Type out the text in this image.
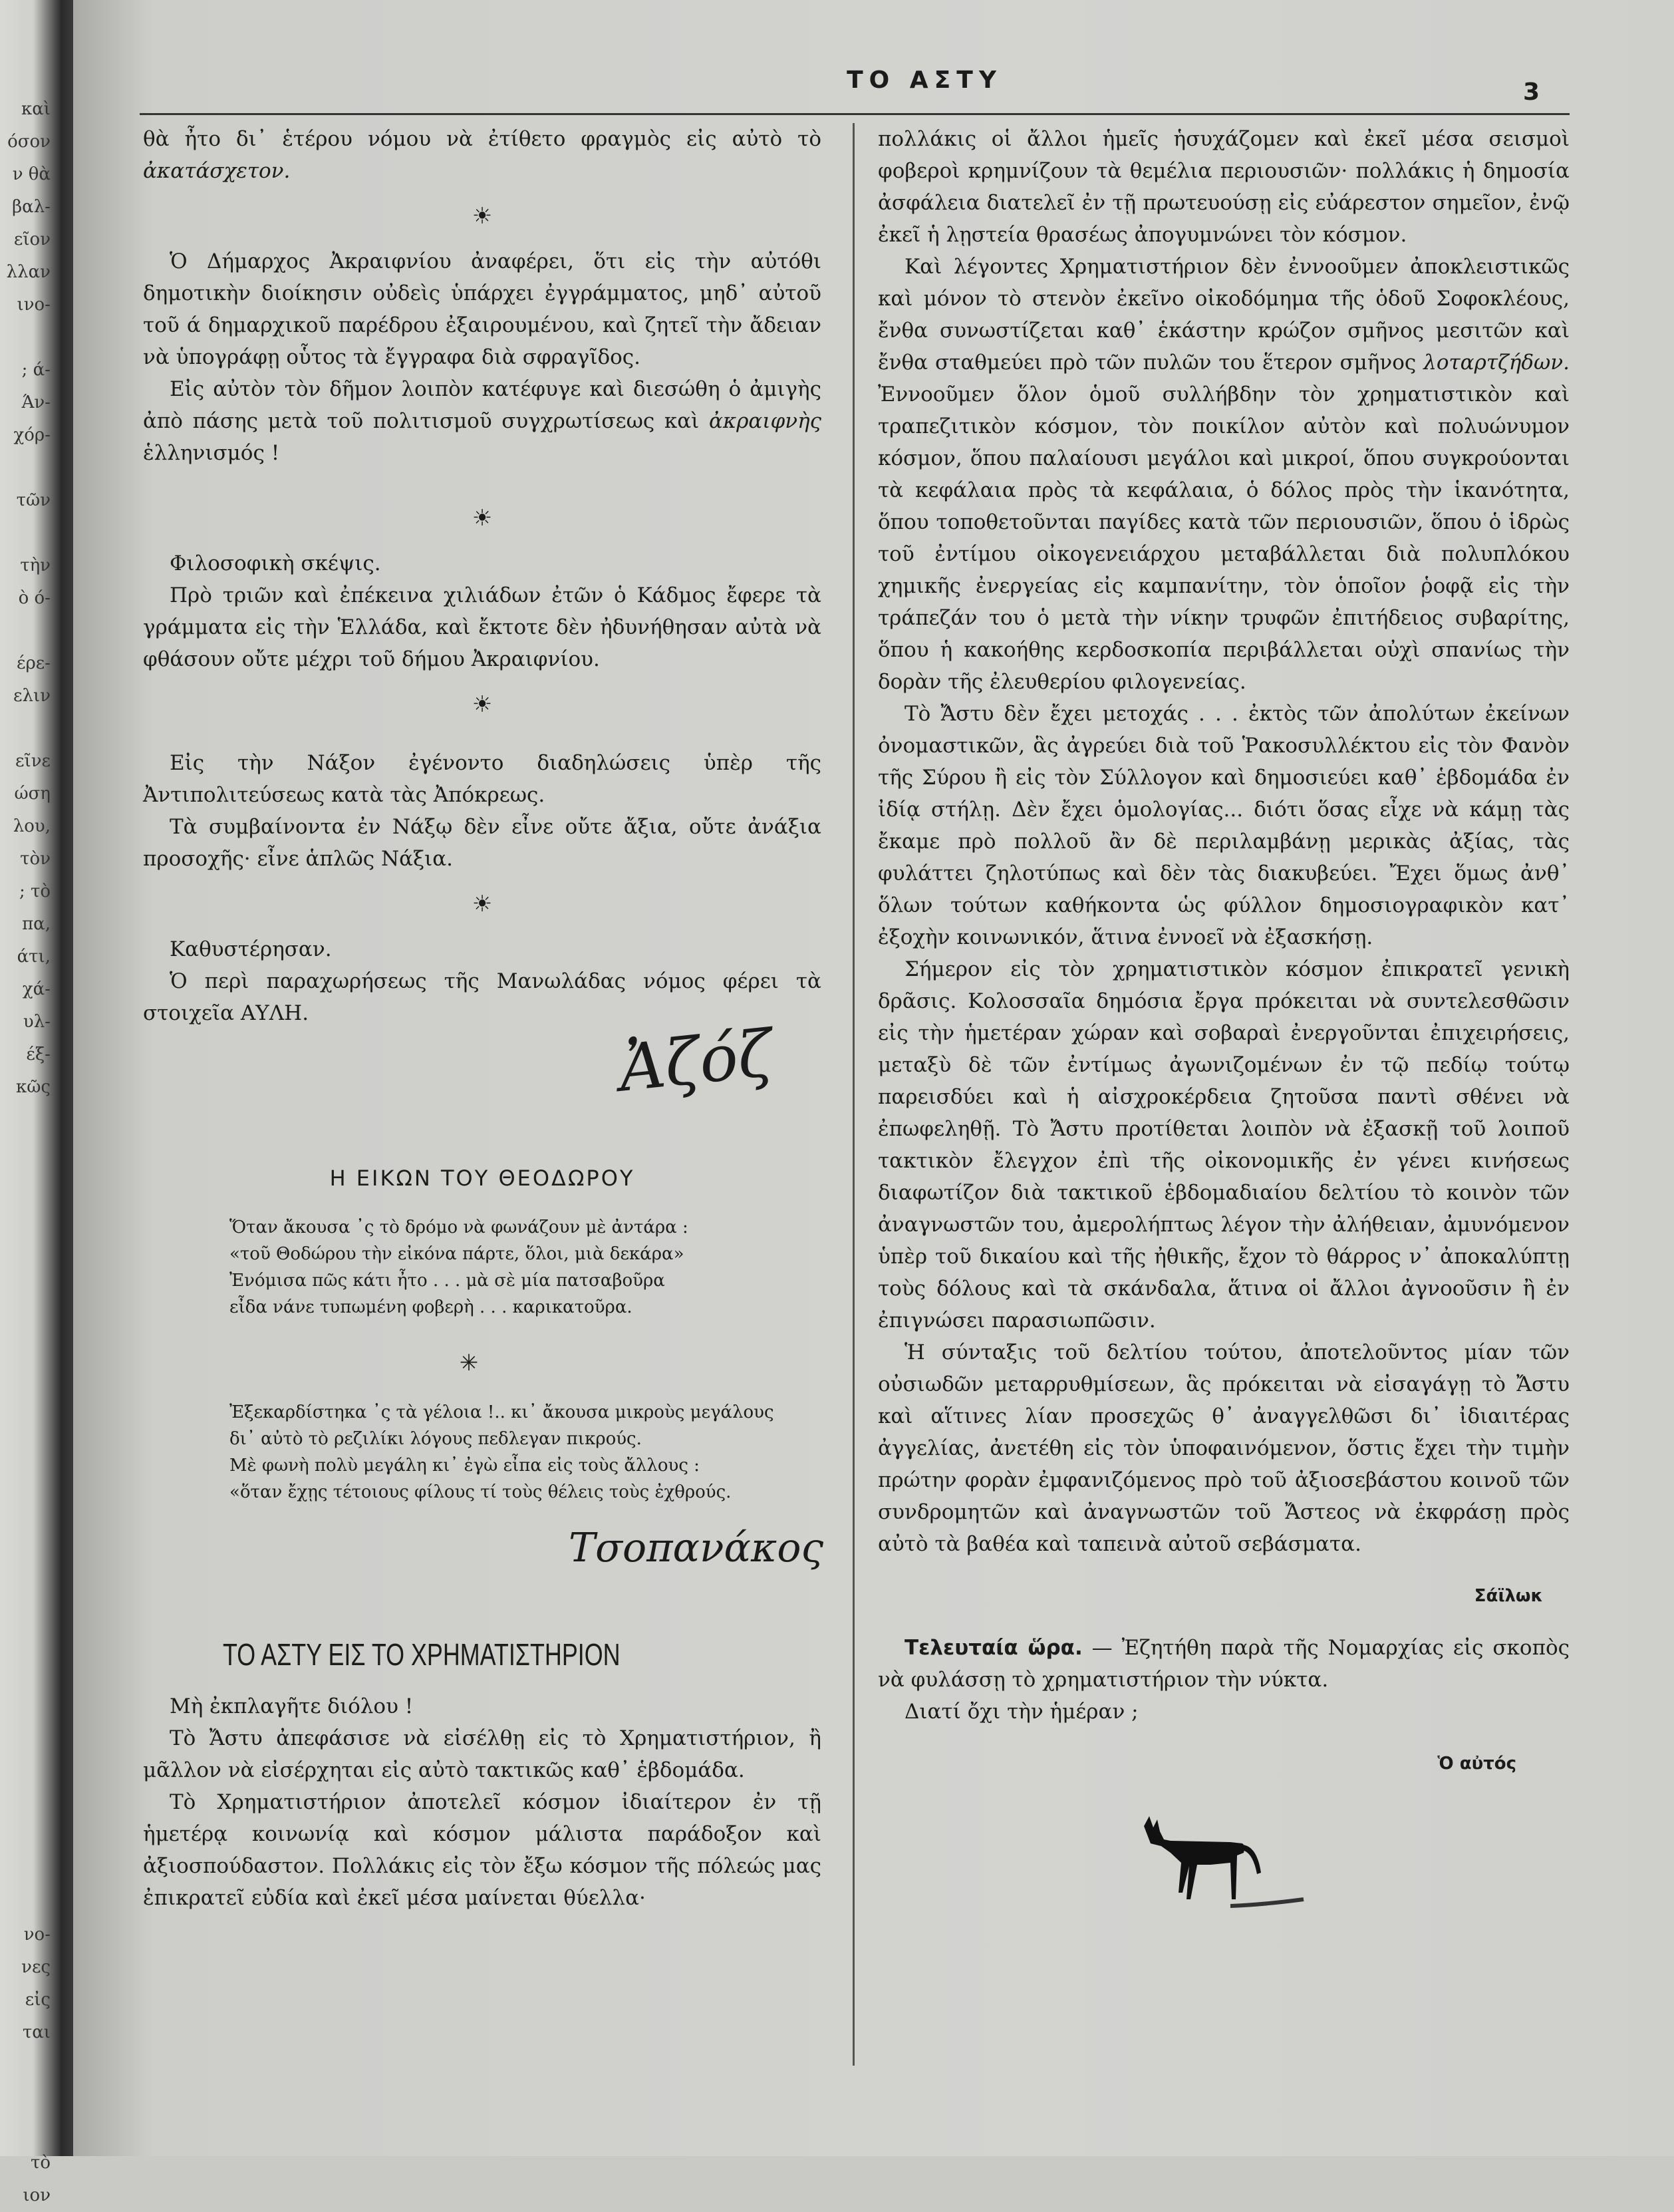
καὶ
όσον
ν θὰ
βαλ-
εῖον
λλαν
ινο-
; ά-
Άν-
χόρ-
τῶν
τὴν
ὸ ό-
έρε-
ελιν
εῖνε
ώση
λου,
τὸν
; τὸ
πα,
άτι,
χά-
υλ-
έξ-
κῶς
νο-
νες
εἰς
ται
τὸ
ιον
ΤΟ ΑΣΤΥ	3

θὰ ἦτο δι᾽ ἑτέρου νόμου νὰ ἐτίθετο φραγμὸς εἰς αὐτὸ τὸ ἀκατάσχετον.

☀

Ὁ Δήμαρχος Ἀκραιφνίου ἀναφέρει, ὅτι εἰς τὴν αὐτόθι δημοτικὴν διοίκησιν οὐδεὶς ὑπάρχει ἐγγράμματος, μηδ᾽ αὐτοῦ τοῦ ά δημαρχικοῦ παρέδρου ἐξαιρουμένου, καὶ ζητεῖ τὴν ἄδειαν νὰ ὑπογράφῃ οὗτος τὰ ἔγγραφα διὰ σφραγῖδος.

Εἰς αὐτὸν τὸν δῆμον λοιπὸν κατέφυγε καὶ διεσώθη ὁ ἀμιγὴς ἀπὸ πάσης μετὰ τοῦ πολιτισμοῦ συγχρωτίσεως καὶ ἀκραιφνὴς ἑλληνισμός !

☀

Φιλοσοφικὴ σκέψις.

Πρὸ τριῶν καὶ ἐπέκεινα χιλιάδων ἐτῶν ὁ Κάδμος ἔφερε τὰ γράμματα εἰς τὴν Ἑλλάδα, καὶ ἔκτοτε δὲν ἠδυνήθησαν αὐτὰ νὰ φθάσουν οὔτε μέχρι τοῦ δήμου Ἀκραιφνίου.

☀

Εἰς τὴν Νάξον ἐγένοντο διαδηλώσεις ὑπὲρ τῆς Ἀντιπολιτεύσεως κατὰ τὰς Ἀπόκρεως.

Τὰ συμβαίνοντα ἐν Νάξῳ δὲν εἶνε οὔτε ἄξια, οὔτε ἀνάξια προσοχῆς· εἶνε ἁπλῶς Νάξια.

☀

Καθυστέρησαν.

Ὁ περὶ παραχωρήσεως τῆς Μανωλάδας νόμος φέρει τὰ στοιχεῖα ΑΥΛΗ.

Ἀζόζ
Η ΕΙΚΩΝ ΤΟΥ ΘΕΟΔΩΡΟΥ
Ὅταν ἄκουσα ᾽ς τὸ δρόμο νὰ φωνάζουν μὲ ἀντάρα :
«τοῦ Θοδώρου τὴν εἰκόνα πάρτε, ὅλοι, μιὰ δεκάρα»
Ἐνόμισα πῶς κάτι ἦτο . . . μὰ σὲ μία πατσαβοῦρα
εἶδα νάνε τυπωμένη φοβερὴ . . . καρικατοῦρα.
✳
Ἐξεκαρδίστηκα ᾽ς τὰ γέλοια !.. κι᾽ ἄκουσα μικροὺς μεγάλους
δι᾽ αὐτὸ τὸ ρεζιλίκι λόγους πεδλεγαν πικρούς.
Μὲ φωνὴ πολὺ μεγάλη κι᾽ ἐγὼ εἶπα εἰς τοὺς ἄλλους :
«ὅταν ἔχῃς τέτοιους φίλους τί τοὺς θέλεις τοὺς ἐχθρούς.
Τσοπανάκος
ΤΟ ΑΣΤΥ ΕΙΣ ΤΟ ΧΡΗΜΑΤΙΣΤΗΡΙΟΝ

Μὴ ἐκπλαγῆτε διόλου !

Τὸ Ἄστυ ἀπεφάσισε νὰ εἰσέλθῃ εἰς τὸ Χρηματιστήριον, ἢ μᾶλλον νὰ εἰσέρχηται εἰς αὐτὸ τακτικῶς καθ᾽ ἑβδομάδα.

Τὸ Χρηματιστήριον ἀποτελεῖ κόσμον ἰδιαίτερον ἐν τῇ ἡμετέρᾳ κοινωνίᾳ καὶ κόσμον μάλιστα παράδοξον καὶ ἀξιοσπούδαστον. Πολλάκις εἰς τὸν ἔξω κόσμον τῆς πόλεώς μας ἐπικρατεῖ εὐδία καὶ ἐκεῖ μέσα μαίνεται θύελλα·

πολλάκις οἱ ἄλλοι ἡμεῖς ἡσυχάζομεν καὶ ἐκεῖ μέσα σεισμοὶ φοβεροὶ κρημνίζουν τὰ θεμέλια περιουσιῶν· πολλάκις ἡ δημοσία ἀσφάλεια διατελεῖ ἐν τῇ πρωτευούσῃ εἰς εὐάρεστον σημεῖον, ἐνῷ ἐκεῖ ἡ λῃστεία θρασέως ἀπογυμνώνει τὸν κόσμον.

Καὶ λέγοντες Χρηματιστήριον δὲν ἐννοοῦμεν ἀποκλειστικῶς καὶ μόνον τὸ στενὸν ἐκεῖνο οἰκοδόμημα τῆς ὁδοῦ Σοφοκλέους, ἔνθα συνωστίζεται καθ᾽ ἑκάστην κρώζον σμῆνος μεσιτῶν καὶ ἔνθα σταθμεύει πρὸ τῶν πυλῶν του ἕτερον σμῆνος λοταρτζήδων. Ἐννοοῦμεν ὅλον ὁμοῦ συλλήβδην τὸν χρηματιστικὸν καὶ τραπεζιτικὸν κόσμον, τὸν ποικίλον αὐτὸν καὶ πολυώνυμον κόσμον, ὅπου παλαίουσι μεγάλοι καὶ μικροί, ὅπου συγκρούονται τὰ κεφάλαια πρὸς τὰ κεφάλαια, ὁ δόλος πρὸς τὴν ἱκανότητα, ὅπου τοποθετοῦνται παγίδες κατὰ τῶν περιουσιῶν, ὅπου ὁ ἱδρὼς τοῦ ἐντίμου οἰκογενειάρχου μεταβάλλεται διὰ πολυπλόκου χημικῆς ἐνεργείας εἰς καμπανίτην, τὸν ὁποῖον ῥοφᾷ εἰς τὴν τράπεζάν του ὁ μετὰ τὴν νίκην τρυφῶν ἐπιτήδειος συβαρίτης, ὅπου ἡ κακοήθης κερδοσκοπία περιβάλλεται οὐχὶ σπανίως τὴν δορὰν τῆς ἐλευθερίου φιλογενείας.

Τὸ Ἄστυ δὲν ἔχει μετοχάς . . . ἐκτὸς τῶν ἀπολύτων ἐκείνων ὀνομαστικῶν, ἃς ἀγρεύει διὰ τοῦ Ῥακοσυλλέκτου εἰς τὸν Φανὸν τῆς Σύρου ἢ εἰς τὸν Σύλλογον καὶ δημοσιεύει καθ᾽ ἑβδομάδα ἐν ἰδίᾳ στήλῃ. Δὲν ἔχει ὁμολογίας... διότι ὅσας εἶχε νὰ κάμῃ τὰς ἔκαμε πρὸ πολλοῦ ἂν δὲ περιλαμβάνῃ μερικὰς ἀξίας, τὰς φυλάττει ζηλοτύπως καὶ δὲν τὰς διακυβεύει. Ἔχει ὅμως ἀνθ᾽ ὅλων τούτων καθήκοντα ὡς φύλλον δημοσιογραφικὸν κατ᾽ ἐξοχὴν κοινωνικόν, ἅτινα ἐννοεῖ νὰ ἐξασκήσῃ.

Σήμερον εἰς τὸν χρηματιστικὸν κόσμον ἐπικρατεῖ γενικὴ δρᾶσις. Κολοσσαῖα δημόσια ἔργα πρόκειται νὰ συντελεσθῶσιν εἰς τὴν ἡμετέραν χώραν καὶ σοβαραὶ ἐνεργοῦνται ἐπιχειρήσεις, μεταξὺ δὲ τῶν ἐντίμως ἀγωνιζομένων ἐν τῷ πεδίῳ τούτῳ παρεισδύει καὶ ἡ αἰσχροκέρδεια ζητοῦσα παντὶ σθένει νὰ ἐπωφεληθῇ. Τὸ Ἄστυ προτίθεται λοιπὸν νὰ ἐξασκῇ τοῦ λοιποῦ τακτικὸν ἔλεγχον ἐπὶ τῆς οἰκονομικῆς ἐν γένει κινήσεως διαφωτίζον διὰ τακτικοῦ ἑβδομαδιαίου δελτίου τὸ κοινὸν τῶν ἀναγνωστῶν του, ἀμερολήπτως λέγον τὴν ἀλήθειαν, ἀμυνόμενον ὑπὲρ τοῦ δικαίου καὶ τῆς ἠθικῆς, ἔχον τὸ θάρρος ν᾽ ἀποκαλύπτῃ τοὺς δόλους καὶ τὰ σκάνδαλα, ἅτινα οἱ ἄλλοι ἀγνοοῦσιν ἢ ἐν ἐπιγνώσει παρασιωπῶσιν.

Ἡ σύνταξις τοῦ δελτίου τούτου, ἀποτελοῦντος μίαν τῶν οὐσιωδῶν μεταρρυθμίσεων, ἃς πρόκειται νὰ εἰσαγάγῃ τὸ Ἄστυ καὶ αἵτινες λίαν προσεχῶς θ᾽ ἀναγγελθῶσι δι᾽ ἰδιαιτέρας ἀγγελίας, ἀνετέθη εἰς τὸν ὑποφαινόμενον, ὅστις ἔχει τὴν τιμὴν πρώτην φορὰν ἐμφανιζόμενος πρὸ τοῦ ἀξιοσεβάστου κοινοῦ τῶν συνδρομητῶν καὶ ἀναγνωστῶν τοῦ Ἄστεος νὰ ἐκφράσῃ πρὸς αὐτὸ τὰ βαθέα καὶ ταπεινὰ αὐτοῦ σεβάσματα.

Σάϊλωκ

Τελευταία ὥρα. — Ἐζητήθη παρὰ τῆς Νομαρχίας εἰς σκοπὸς νὰ φυλάσσῃ τὸ χρηματιστήριον τὴν νύκτα.

Διατί ὄχι τὴν ἡμέραν ;

Ὁ αὐτός
